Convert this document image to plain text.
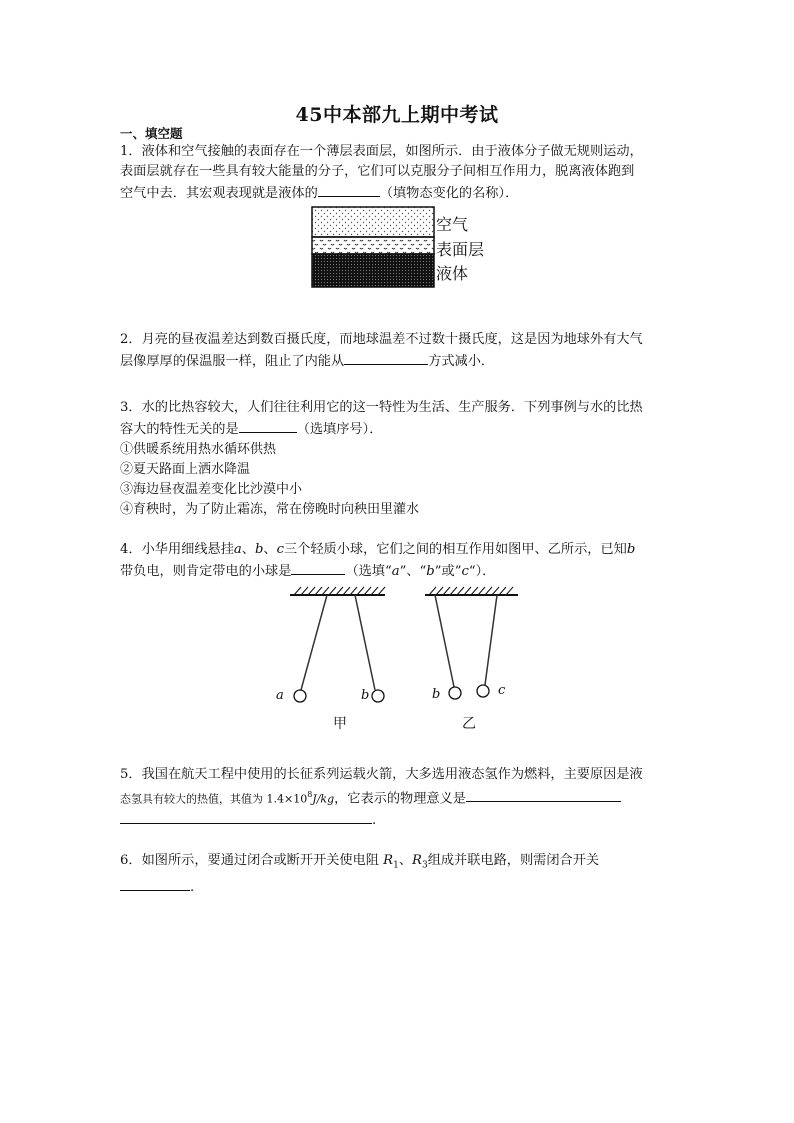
45中本部九上期中考试
一、填空题
1．液体和空气接触的表面存在一个薄层表面层，如图所示．由于液体分子做无规则运动，
表面层就存在一些具有较大能量的分子，它们可以克服分子间相互作用力，脱离液体跑到
空气中去．其宏观表现就是液体的	（填物态变化的名称）．
空气
表面层
液体
2．月亮的昼夜温差达到数百摄氏度，而地球温差不过数十摄氏度，这是因为地球外有大气
层像厚厚的保温服一样，阻止了内能从	方式减小．
3．水的比热容较大，人们往往利用它的这一特性为生活、生产服务．下列事例与水的比热
容大的特性无关的是	（选填序号）．
①供暖系统用热水循环供热
②夏天路面上洒水降温
③海边昼夜温差变化比沙漠中小
④育秧时，为了防止霜冻，常在傍晚时向秧田里灌水
4．小华用细线悬挂a、b、c三个轻质小球，它们之间的相互作用如图甲、乙所示，已知b
带负电，则肯定带电的小球是	（选填“a”、“b”或”c“）．
a	b	b	c
甲	乙
5．我国在航天工程中使用的长征系列运载火箭，大多选用液态氢作为燃料，主要原因是液
态氢具有较大的热值，其值为 $1.4\times 10^8J/kg$，它表示的物理意义是
.
6．如图所示，要通过闭合或断开开关使电阻 $R_1$、$R_3$组成并联电路，则需闭合开关
.
